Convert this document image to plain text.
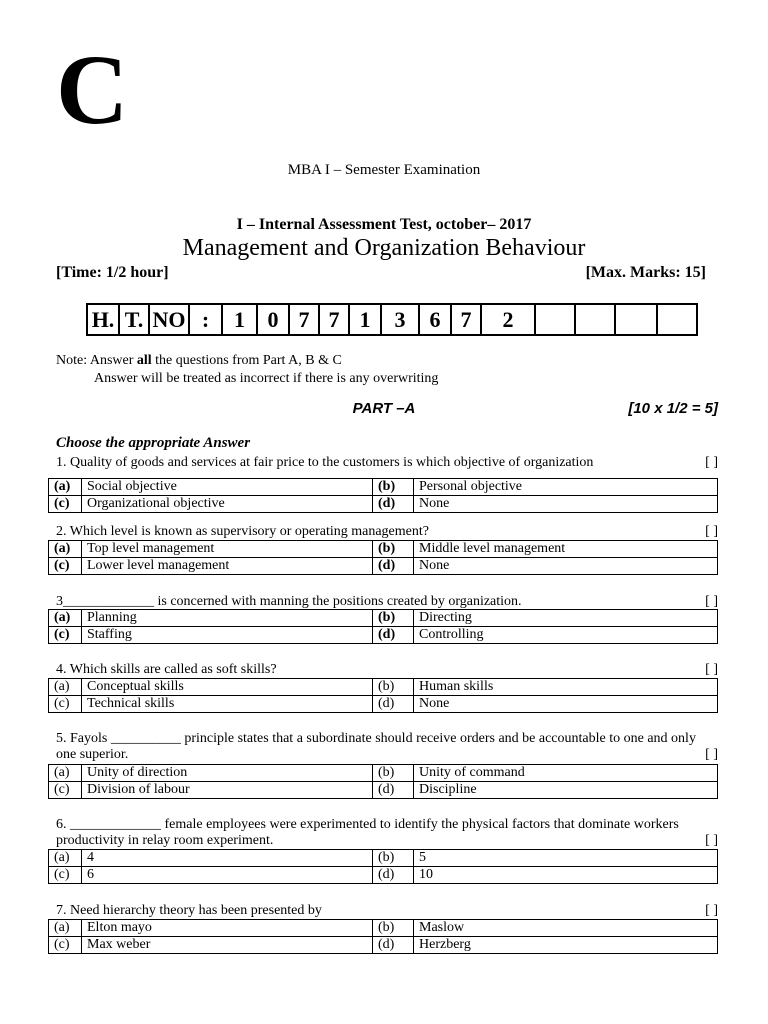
C
MBA I – Semester Examination
I – Internal Assessment Test, october– 2017
Management and Organization Behaviour
[Time: 1/2 hour]	[Max. Marks: 15]
H.	T.	NO	:	1	0	7	7	1	3	6	7	2				
Note: Answer all the questions from Part A, B & C
Answer will be treated as incorrect if there is any overwriting
PART –A	[10 x 1/2 = 5]
Choose the appropriate Answer
1. Quality of goods and services at fair price to the customers is which objective of organization	[ ]
(a)	Social objective	(b)	Personal objective
(c)	Organizational objective	(d)	None
2. Which level is known as supervisory or operating management?	[ ]
(a)	Top level management	(b)	Middle level management
(c)	Lower level management	(d)	None
3_____________ is concerned with manning the positions created by organization.	[ ]
(a)	Planning	(b)	Directing
(c)	Staffing	(d)	Controlling
4. Which skills are called as soft skills?	[ ]
(a)	Conceptual skills	(b)	Human skills
(c)	Technical skills	(d)	None
5. Fayols __________ principle states that a subordinate should receive orders and be accountable to one and only one superior.	[ ]
(a)	Unity of direction	(b)	Unity of command
(c)	Division of labour	(d)	Discipline
6. _____________ female employees were experimented to identify the physical factors that dominate workers productivity in relay room experiment.	[ ]
(a)	4	(b)	5
(c)	6	(d)	10
7. Need hierarchy theory has been presented by	[ ]
(a)	Elton mayo	(b)	Maslow
(c)	Max weber	(d)	Herzberg
